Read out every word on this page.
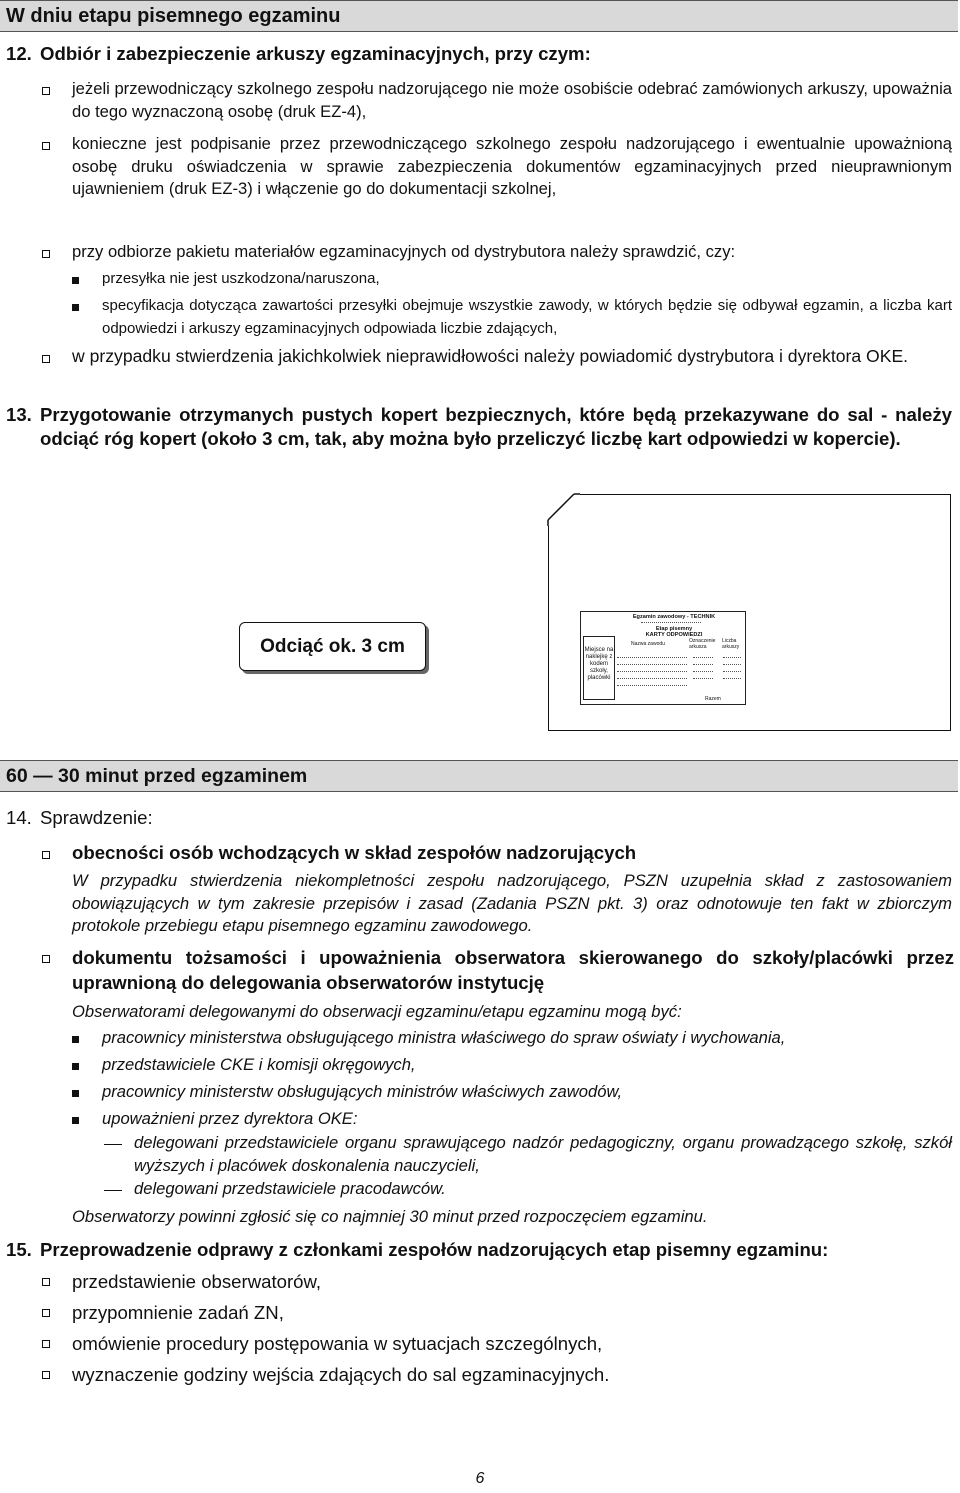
W dniu etapu pisemnego egzaminu
12. Odbiór i zabezpieczenie arkuszy egzaminacyjnych, przy czym:
jeżeli przewodniczący szkolnego zespołu nadzorującego nie może osobiście odebrać zamówionych arkuszy, upoważnia do tego wyznaczoną osobę (druk EZ-4),
konieczne jest podpisanie przez przewodniczącego szkolnego zespołu nadzorującego i ewentualnie upoważnioną osobę druku oświadczenia w sprawie zabezpieczenia dokumentów egzaminacyjnych przed nieuprawnionym ujawnieniem (druk EZ-3) i włączenie go do dokumentacji szkolnej,
przy odbiorze pakietu materiałów egzaminacyjnych od dystrybutora należy sprawdzić, czy:
przesyłka nie jest uszkodzona/naruszona,
specyfikacja dotycząca zawartości przesyłki obejmuje wszystkie zawody, w których będzie się odbywał egzamin, a liczba kart odpowiedzi i arkuszy egzaminacyjnych odpowiada liczbie zdających,
w przypadku stwierdzenia jakichkolwiek nieprawidłowości należy powiadomić dystrybutora i dyrektora OKE.
13. Przygotowanie otrzymanych pustych kopert bezpiecznych, które będą przekazywane do sal - należy odciąć róg kopert (około 3 cm, tak, aby można było przeliczyć liczbę kart odpowiedzi w kopercie).
Odciąć ok. 3 cm
Egzamin zawodowy - TECHNIK
Etap pisemny
KARTY ODPOWIEDZI
Nazwa zawodu	Oznaczenie arkusza
Liczba arkuszy
Razem
Miejsce na naklejkę z kodem szkoły, placówki
60 — 30 minut przed egzaminem
14. Sprawdzenie:
obecności osób wchodzących w skład zespołów nadzorujących
W przypadku stwierdzenia niekompletności zespołu nadzorującego, PSZN uzupełnia skład z zastosowaniem obowiązujących w tym zakresie przepisów i zasad (Zadania PSZN pkt. 3) oraz odnotowuje ten fakt w zbiorczym protokole przebiegu etapu pisemnego egzaminu zawodowego.
dokumentu tożsamości i upoważnienia obserwatora skierowanego do szkoły/placówki przez uprawnioną do delegowania obserwatorów instytucję
Obserwatorami delegowanymi do obserwacji egzaminu/etapu egzaminu mogą być:
pracownicy ministerstwa obsługującego ministra właściwego do spraw oświaty i wychowania,
przedstawiciele CKE i komisji okręgowych,
pracownicy ministerstw obsługujących ministrów właściwych zawodów,
upoważnieni przez dyrektora OKE:
delegowani przedstawiciele organu sprawującego nadzór pedagogiczny, organu prowadzącego szkołę, szkół wyższych i placówek doskonalenia nauczycieli,
delegowani przedstawiciele pracodawców.
Obserwatorzy powinni zgłosić się co najmniej 30 minut przed rozpoczęciem egzaminu.
15. Przeprowadzenie odprawy z członkami zespołów nadzorujących etap pisemny egzaminu:
przedstawienie obserwatorów,
przypomnienie zadań ZN,
omówienie procedury postępowania w sytuacjach szczególnych,
wyznaczenie godziny wejścia zdających do sal egzaminacyjnych.
6
